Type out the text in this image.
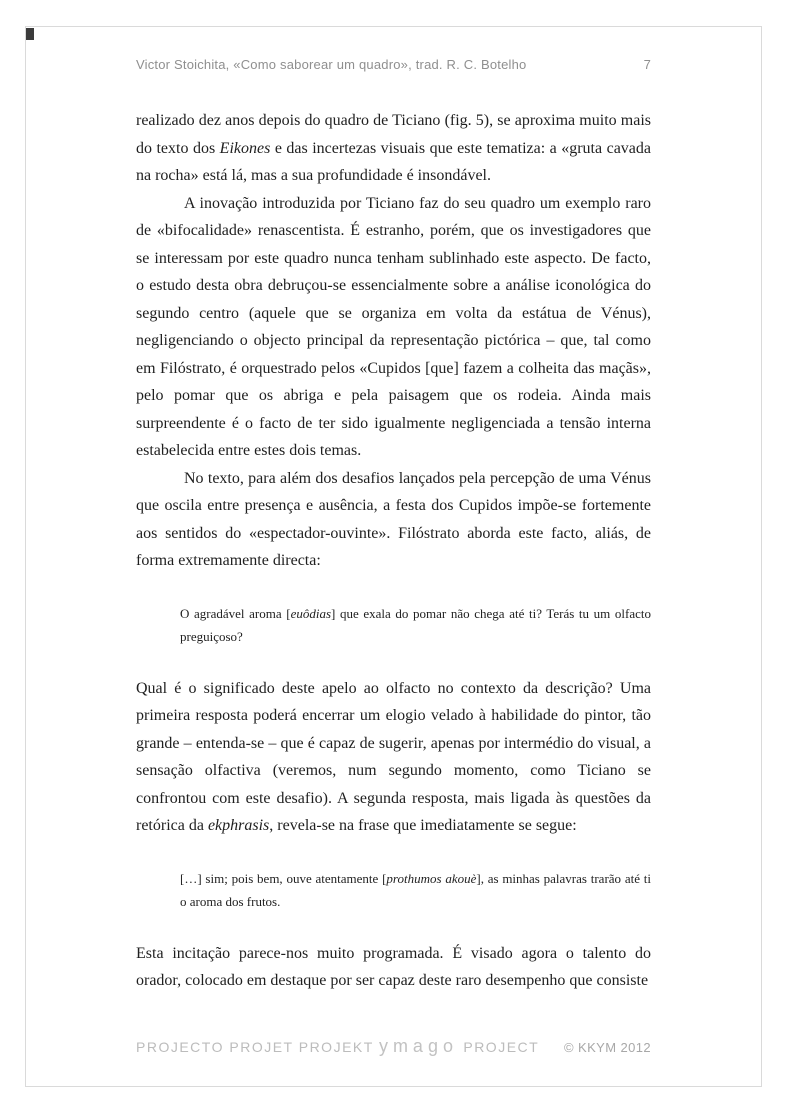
Victor Stoichita, «Como saborear um quadro», trad. R. C. Botelho	7

realizado dez anos depois do quadro de Ticiano (fig. 5), se aproxima muito mais do texto dos Eikones e das incertezas visuais que este tematiza: a «gruta cavada na rocha» está lá, mas a sua profundidade é insondável.

A inovação introduzida por Ticiano faz do seu quadro um exemplo raro de «bifocalidade» renascentista. É estranho, porém, que os investigadores que se interessam por este quadro nunca tenham sublinhado este aspecto. De facto, o estudo desta obra debruçou-se essencialmente sobre a análise iconológica do segundo centro (aquele que se organiza em volta da estátua de Vénus), negligenciando o objecto principal da representação pictórica – que, tal como em Filóstrato, é orquestrado pelos «Cupidos [que] fazem a colheita das maçãs», pelo pomar que os abriga e pela paisagem que os rodeia. Ainda mais surpreendente é o facto de ter sido igualmente negligenciada a tensão interna estabelecida entre estes dois temas.

No texto, para além dos desafios lançados pela percepção de uma Vénus que oscila entre presença e ausência, a festa dos Cupidos impõe-se fortemente aos sentidos do «espectador-ouvinte». Filóstrato aborda este facto, aliás, de forma extremamente directa:

O agradável aroma [euôdias] que exala do pomar não chega até ti? Terás tu um olfacto preguiçoso?

Qual é o significado deste apelo ao olfacto no contexto da descrição? Uma primeira resposta poderá encerrar um elogio velado à habilidade do pintor, tão grande – entenda-se – que é capaz de sugerir, apenas por intermédio do visual, a sensação olfactiva (veremos, num segundo momento, como Ticiano se confrontou com este desafio). A segunda resposta, mais ligada às questões da retórica da ekphrasis, revela-se na frase que imediatamente se segue:

[…] sim; pois bem, ouve atentamente [prothumos akouè], as minhas palavras trarão até ti o aroma dos frutos.

Esta incitação parece-nos muito programada. É visado agora o talento do orador, colocado em destaque por ser capaz deste raro desempenho que consiste

PROJECTO PROJET PROJEKT ymago PROJECT © KKYM 2012
